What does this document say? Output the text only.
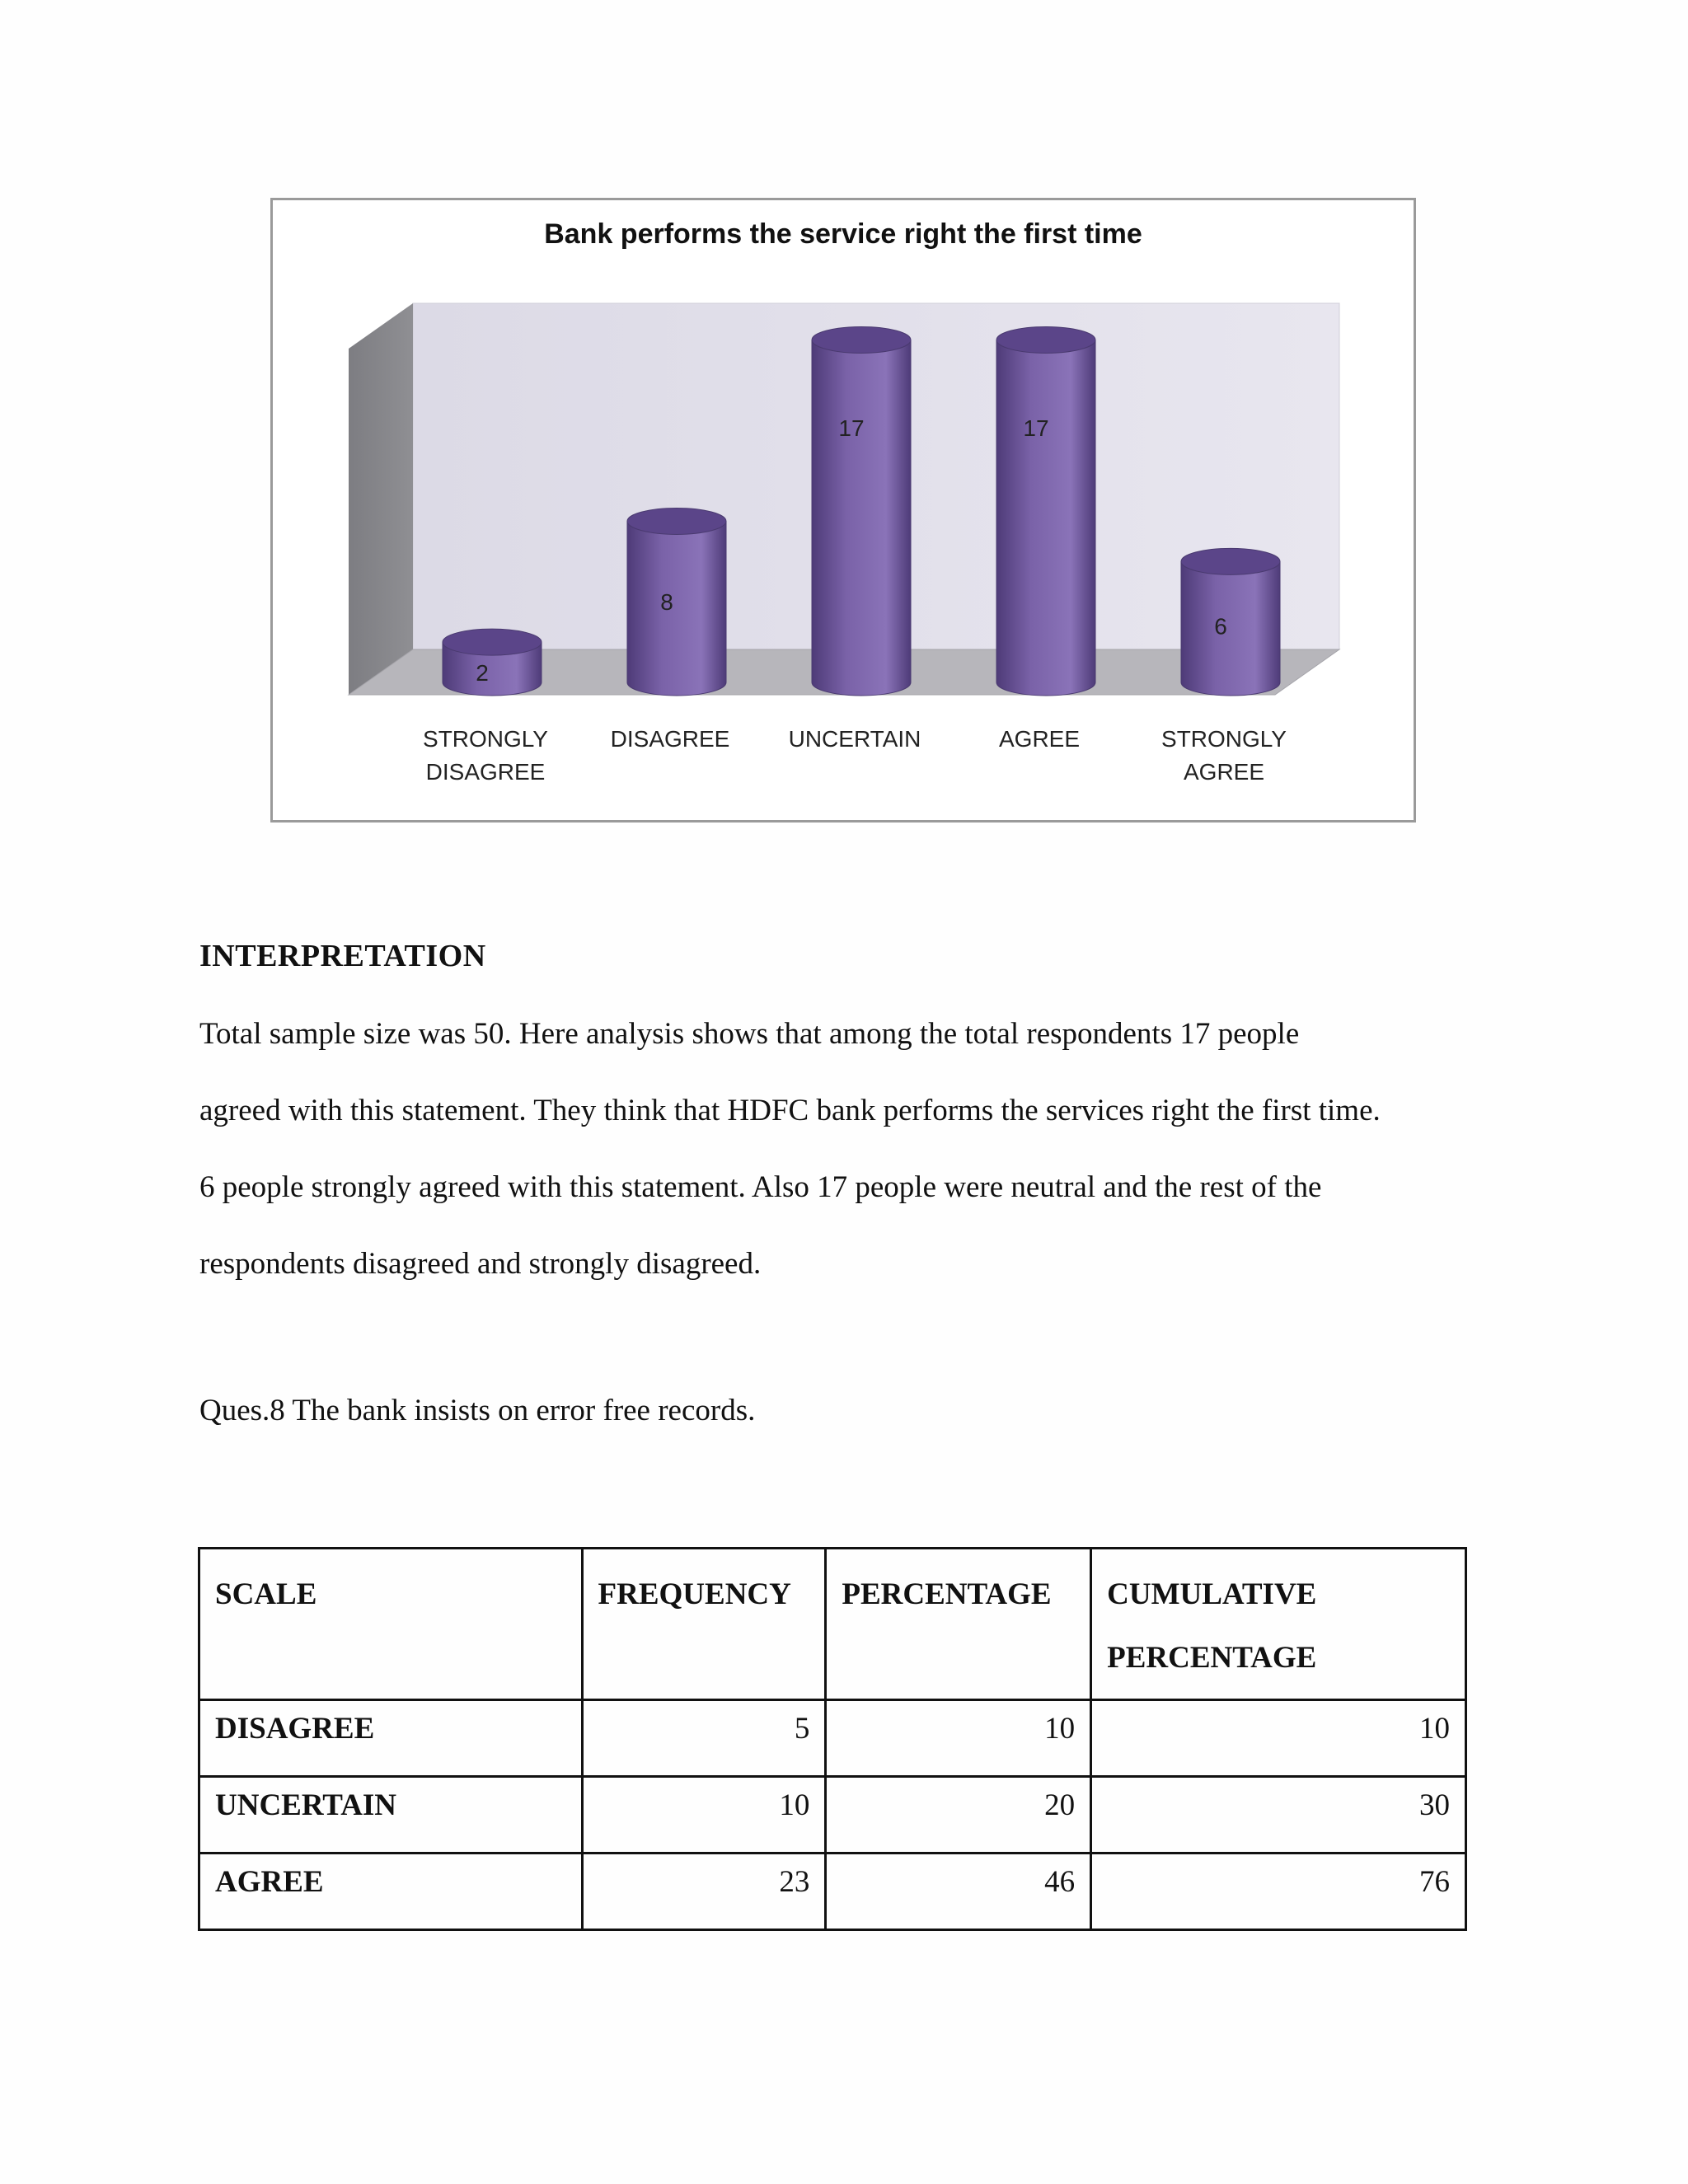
Bank performs the service right the first time
2
STRONGLY
DISAGREE
8
DISAGREE
17
UNCERTAIN
17
AGREE
6
STRONGLY
AGREE
INTERPRETATION

Total sample size was 50. Here analysis shows that among the total respondents 17 people

agreed with this statement. They think that HDFC bank performs the services right the first time.

6 people strongly agreed with this statement. Also 17 people were neutral and the rest of the

respondents disagreed and strongly disagreed.

Ques.8 The bank insists on error free records.
SCALE	FREQUENCY	PERCENTAGE	CUMULATIVE
PERCENTAGE

DISAGREE	5	10	10
UNCERTAIN	10	20	30
AGREE	23	46	76
